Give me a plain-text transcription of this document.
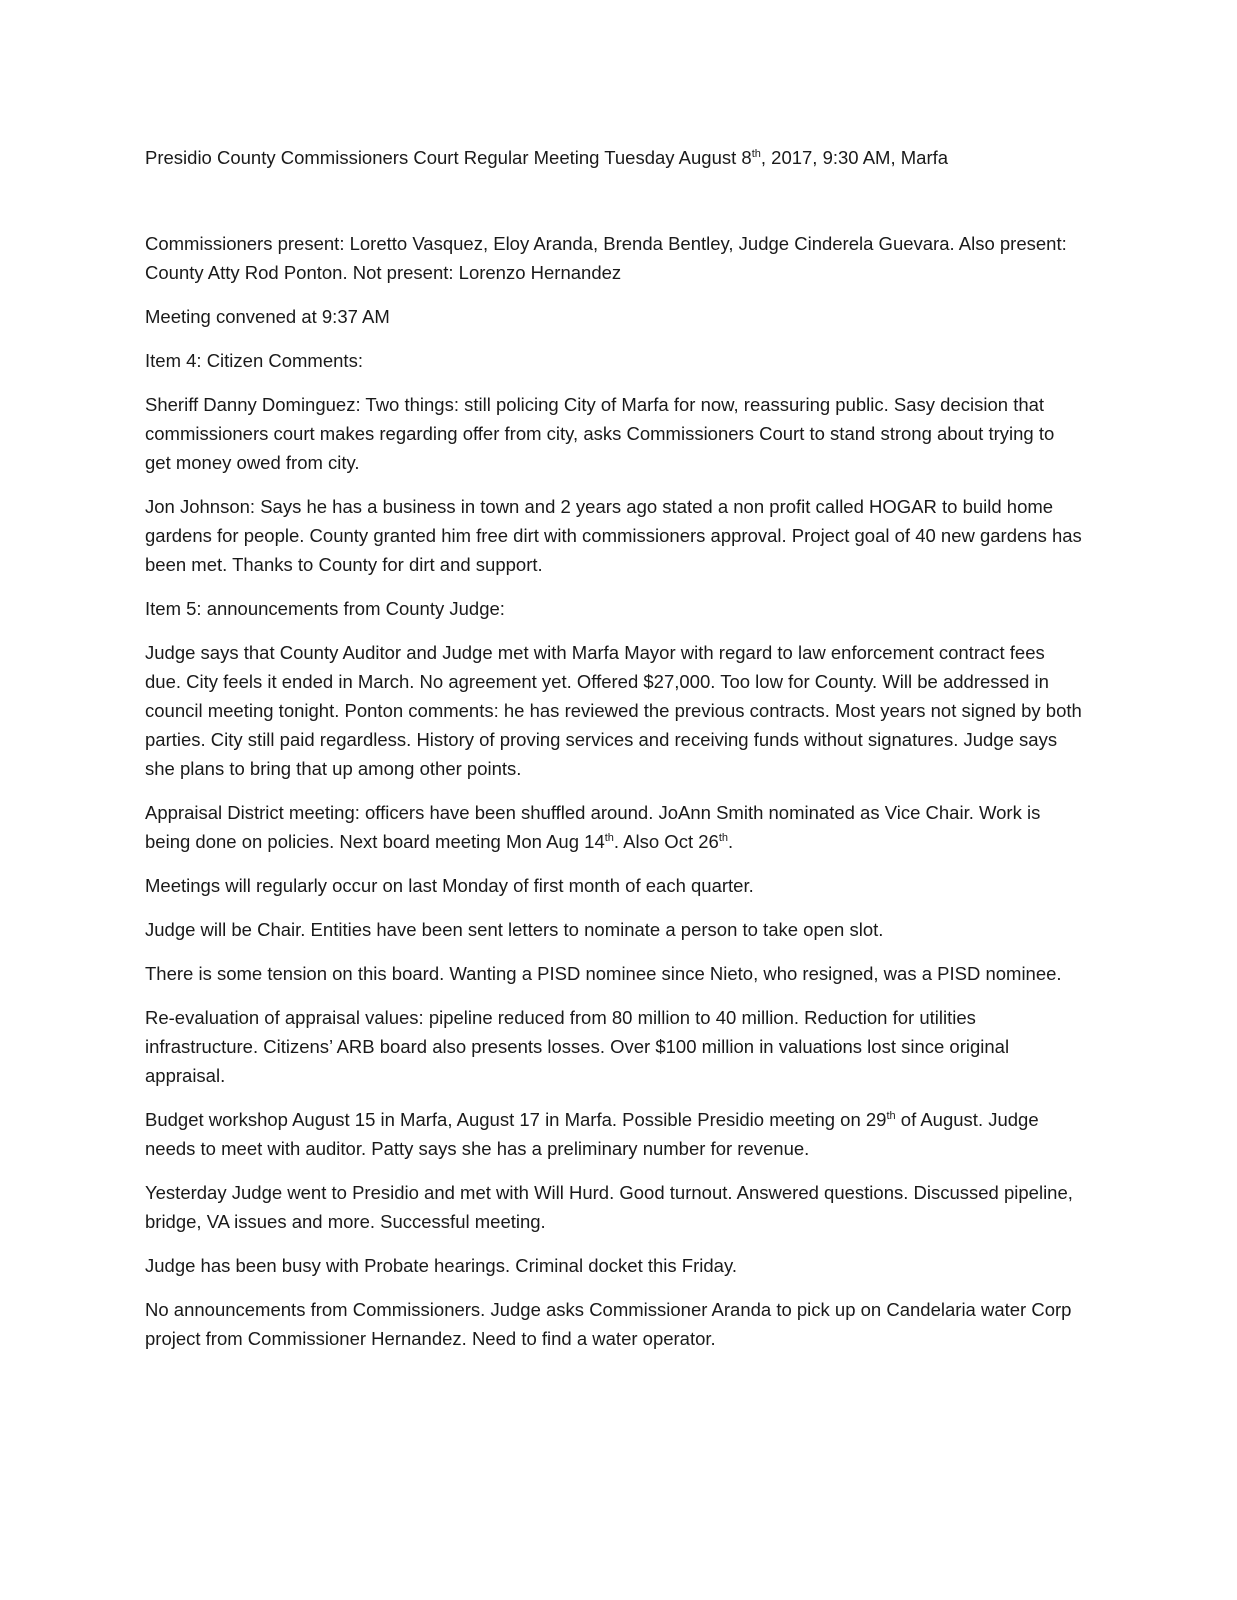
Presidio County Commissioners Court Regular Meeting Tuesday August 8th, 2017, 9:30 AM, Marfa

Commissioners present: Loretto Vasquez, Eloy Aranda, Brenda Bentley, Judge Cinderela Guevara. Also present: County Atty Rod Ponton. Not present: Lorenzo Hernandez

Meeting convened at 9:37 AM

Item 4: Citizen Comments:

Sheriff Danny Dominguez: Two things: still policing City of Marfa for now, reassuring public. Sasy decision that commissioners court makes regarding offer from city, asks Commissioners Court to stand strong about trying to get money owed from city.

Jon Johnson: Says he has a business in town and 2 years ago stated a non profit called HOGAR to build home gardens for people. County granted him free dirt with commissioners approval. Project goal of 40 new gardens has been met. Thanks to County for dirt and support.

Item 5: announcements from County Judge:

Judge says that County Auditor and Judge met with Marfa Mayor with regard to law enforcement contract fees due. City feels it ended in March. No agreement yet. Offered $27,000. Too low for County. Will be addressed in council meeting tonight. Ponton comments: he has reviewed the previous contracts. Most years not signed by both parties. City still paid regardless. History of proving services and receiving funds without signatures. Judge says she plans to bring that up among other points.

Appraisal District meeting: officers have been shuffled around. JoAnn Smith nominated as Vice Chair. Work is being done on policies. Next board meeting Mon Aug 14th. Also Oct 26th.

Meetings will regularly occur on last Monday of first month of each quarter.

Judge will be Chair. Entities have been sent letters to nominate a person to take open slot.

There is some tension on this board. Wanting a PISD nominee since Nieto, who resigned, was a PISD nominee.

Re-evaluation of appraisal values: pipeline reduced from 80 million to 40 million. Reduction for utilities infrastructure. Citizens’ ARB board also presents losses. Over $100 million in valuations lost since original appraisal.

Budget workshop August 15 in Marfa, August 17 in Marfa. Possible Presidio meeting on 29th of August. Judge needs to meet with auditor. Patty says she has a preliminary number for revenue.

Yesterday Judge went to Presidio and met with Will Hurd. Good turnout. Answered questions. Discussed pipeline, bridge, VA issues and more. Successful meeting.

Judge has been busy with Probate hearings. Criminal docket this Friday.

No announcements from Commissioners. Judge asks Commissioner Aranda to pick up on Candelaria water Corp project from Commissioner Hernandez. Need to find a water operator.
